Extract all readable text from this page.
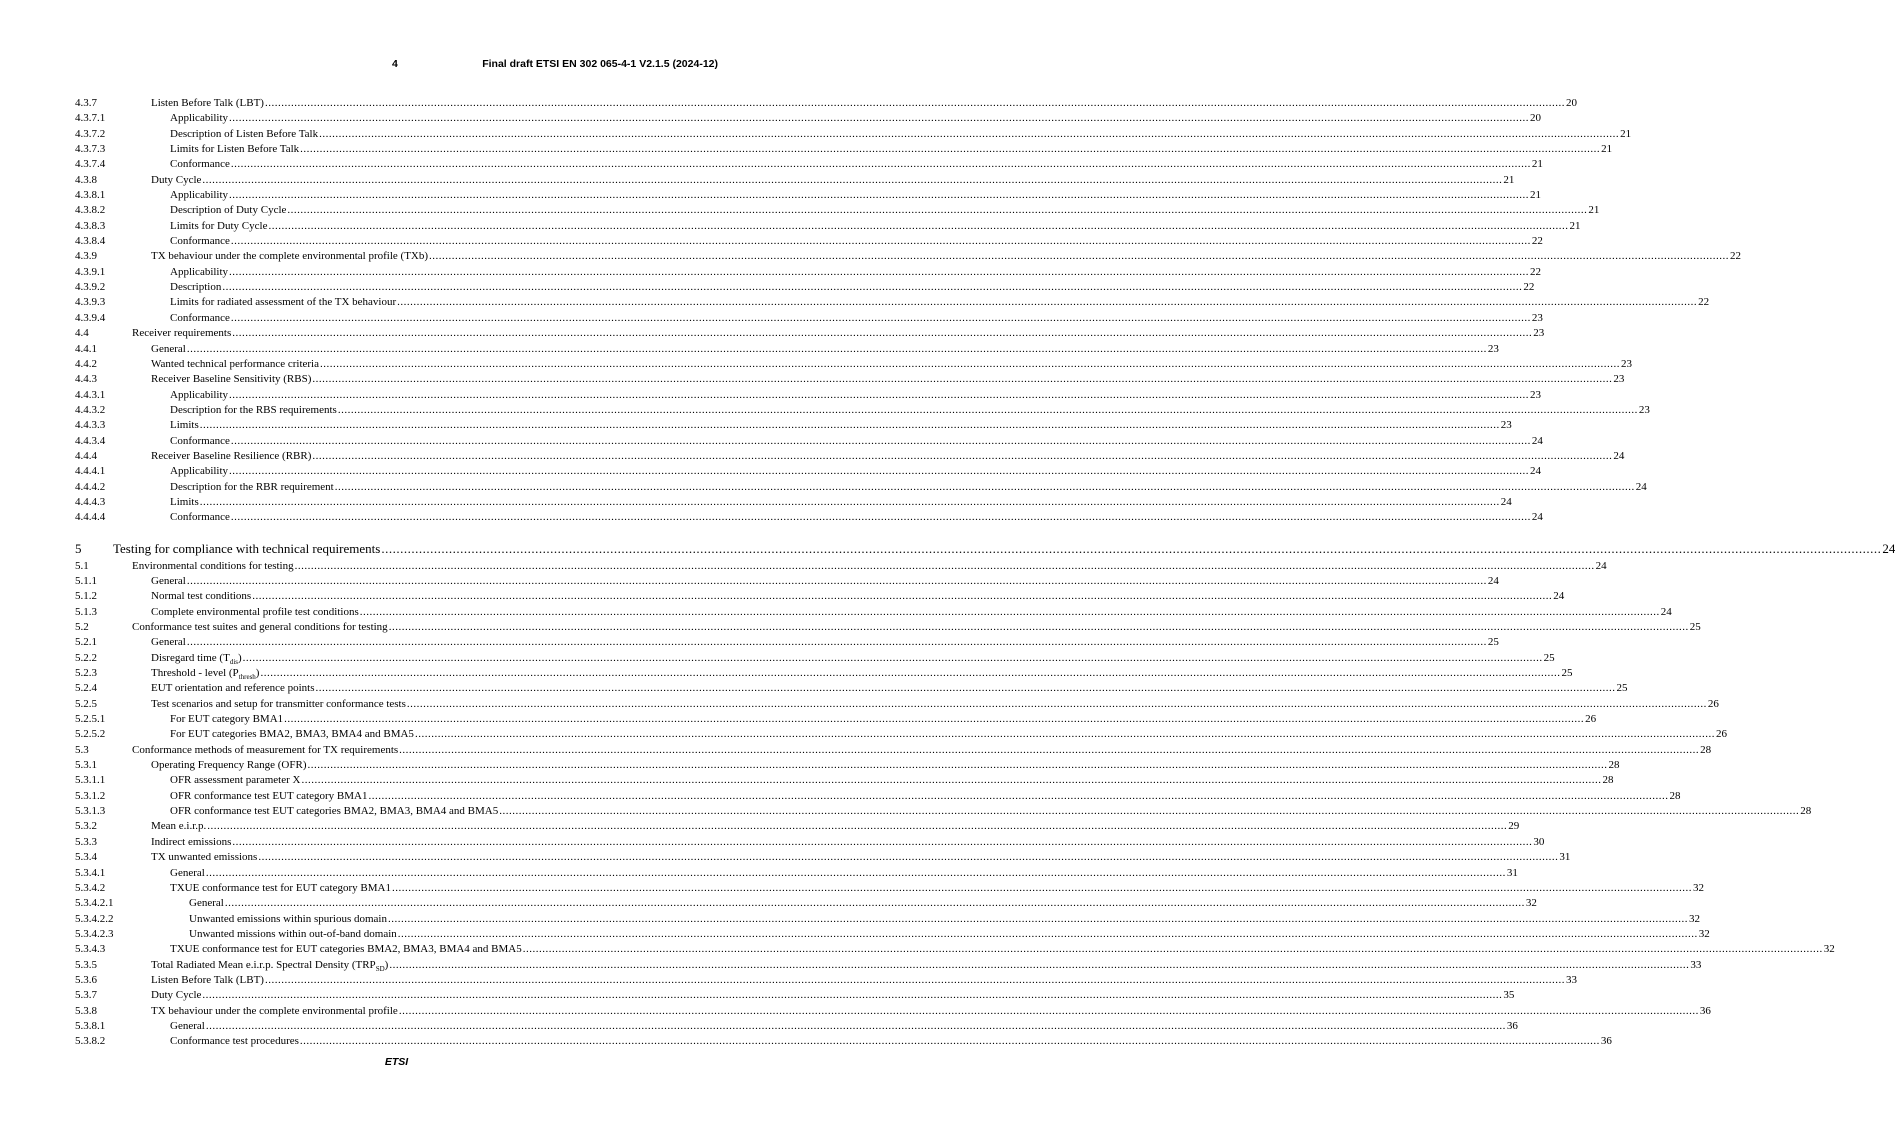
4	Final draft ETSI EN 302 065-4-1 V2.1.5 (2024-12)
4.3.7	Listen Before Talk (LBT) ................................................................................................................................................................................................................................................................................................................................................................................................................ 20
4.3.7.1	Applicability ................................................................................................................................................................................................................................................................................................................................................................................................................ 20
4.3.7.2	Description of Listen Before Talk ................................................................................................................................................................................................................................................................................................................................................................................................................ 21
4.3.7.3	Limits for Listen Before Talk ................................................................................................................................................................................................................................................................................................................................................................................................................ 21
4.3.7.4	Conformance ................................................................................................................................................................................................................................................................................................................................................................................................................ 21
4.3.8	Duty Cycle ................................................................................................................................................................................................................................................................................................................................................................................................................ 21
4.3.8.1	Applicability ................................................................................................................................................................................................................................................................................................................................................................................................................ 21
4.3.8.2	Description of Duty Cycle ................................................................................................................................................................................................................................................................................................................................................................................................................ 21
4.3.8.3	Limits for Duty Cycle ................................................................................................................................................................................................................................................................................................................................................................................................................ 21
4.3.8.4	Conformance ................................................................................................................................................................................................................................................................................................................................................................................................................ 22
4.3.9	TX behaviour under the complete environmental profile (TXb) ................................................................................................................................................................................................................................................................................................................................................................................................................ 22
4.3.9.1	Applicability ................................................................................................................................................................................................................................................................................................................................................................................................................ 22
4.3.9.2	Description ................................................................................................................................................................................................................................................................................................................................................................................................................ 22
4.3.9.3	Limits for radiated assessment of the TX behaviour ................................................................................................................................................................................................................................................................................................................................................................................................................ 22
4.3.9.4	Conformance ................................................................................................................................................................................................................................................................................................................................................................................................................ 23
4.4	Receiver requirements ................................................................................................................................................................................................................................................................................................................................................................................................................ 23
4.4.1	General ................................................................................................................................................................................................................................................................................................................................................................................................................ 23
4.4.2	Wanted technical performance criteria ................................................................................................................................................................................................................................................................................................................................................................................................................ 23
4.4.3	Receiver Baseline Sensitivity (RBS) ................................................................................................................................................................................................................................................................................................................................................................................................................ 23
4.4.3.1	Applicability ................................................................................................................................................................................................................................................................................................................................................................................................................ 23
4.4.3.2	Description for the RBS requirements ................................................................................................................................................................................................................................................................................................................................................................................................................ 23
4.4.3.3	Limits ................................................................................................................................................................................................................................................................................................................................................................................................................ 23
4.4.3.4	Conformance ................................................................................................................................................................................................................................................................................................................................................................................................................ 24
4.4.4	Receiver Baseline Resilience (RBR) ................................................................................................................................................................................................................................................................................................................................................................................................................ 24
4.4.4.1	Applicability ................................................................................................................................................................................................................................................................................................................................................................................................................ 24
4.4.4.2	Description for the RBR requirement ................................................................................................................................................................................................................................................................................................................................................................................................................ 24
4.4.4.3	Limits ................................................................................................................................................................................................................................................................................................................................................................................................................ 24
4.4.4.4	Conformance ................................................................................................................................................................................................................................................................................................................................................................................................................ 24
5 Testing for compliance with technical requirements ................................................................................................................................................................................................................................................................................................................................................................................................................ 24
5.1	Environmental conditions for testing ................................................................................................................................................................................................................................................................................................................................................................................................................ 24
5.1.1	General ................................................................................................................................................................................................................................................................................................................................................................................................................ 24
5.1.2	Normal test conditions ................................................................................................................................................................................................................................................................................................................................................................................................................ 24
5.1.3	Complete environmental profile test conditions ................................................................................................................................................................................................................................................................................................................................................................................................................ 24
5.2	Conformance test suites and general conditions for testing ................................................................................................................................................................................................................................................................................................................................................................................................................ 25
5.2.1	General ................................................................................................................................................................................................................................................................................................................................................................................................................ 25
5.2.2	Disregard time $(T_{dis})$ ................................................................................................................................................................................................................................................................................................................................................................................................................ 25
5.2.3	Threshold - level $(P_{thresh})$ ................................................................................................................................................................................................................................................................................................................................................................................................................ 25
5.2.4	EUT orientation and reference points ................................................................................................................................................................................................................................................................................................................................................................................................................ 25
5.2.5	Test scenarios and setup for transmitter conformance tests ................................................................................................................................................................................................................................................................................................................................................................................................................ 26
5.2.5.1	For EUT category BMA1 ................................................................................................................................................................................................................................................................................................................................................................................................................ 26
5.2.5.2	For EUT categories BMA2, BMA3, BMA4 and BMA5 ................................................................................................................................................................................................................................................................................................................................................................................................................ 26
5.3	Conformance methods of measurement for TX requirements ................................................................................................................................................................................................................................................................................................................................................................................................................ 28
5.3.1	Operating Frequency Range (OFR) ................................................................................................................................................................................................................................................................................................................................................................................................................ 28
5.3.1.1	OFR assessment parameter X ................................................................................................................................................................................................................................................................................................................................................................................................................ 28
5.3.1.2	OFR conformance test EUT category BMA1 ................................................................................................................................................................................................................................................................................................................................................................................................................ 28
5.3.1.3	OFR conformance test EUT categories BMA2, BMA3, BMA4 and BMA5 ................................................................................................................................................................................................................................................................................................................................................................................................................ 28
5.3.2	Mean e.i.r.p. ................................................................................................................................................................................................................................................................................................................................................................................................................ 29
5.3.3	Indirect emissions ................................................................................................................................................................................................................................................................................................................................................................................................................ 30
5.3.4	TX unwanted emissions ................................................................................................................................................................................................................................................................................................................................................................................................................ 31
5.3.4.1	General ................................................................................................................................................................................................................................................................................................................................................................................................................ 31
5.3.4.2	TXUE conformance test for EUT category BMA1 ................................................................................................................................................................................................................................................................................................................................................................................................................ 32
5.3.4.2.1	General ................................................................................................................................................................................................................................................................................................................................................................................................................ 32
5.3.4.2.2	Unwanted emissions within spurious domain ................................................................................................................................................................................................................................................................................................................................................................................................................ 32
5.3.4.2.3	Unwanted missions within out-of-band domain ................................................................................................................................................................................................................................................................................................................................................................................................................ 32
5.3.4.3	TXUE conformance test for EUT categories BMA2, BMA3, BMA4 and BMA5 ................................................................................................................................................................................................................................................................................................................................................................................................................ 32
5.3.5	Total Radiated Mean e.i.r.p. Spectral Density $(TRP_{SD})$ ................................................................................................................................................................................................................................................................................................................................................................................................................ 33
5.3.6	Listen Before Talk (LBT) ................................................................................................................................................................................................................................................................................................................................................................................................................ 33
5.3.7	Duty Cycle ................................................................................................................................................................................................................................................................................................................................................................................................................ 35
5.3.8	TX behaviour under the complete environmental profile ................................................................................................................................................................................................................................................................................................................................................................................................................ 36
5.3.8.1	General ................................................................................................................................................................................................................................................................................................................................................................................................................ 36
5.3.8.2	Conformance test procedures ................................................................................................................................................................................................................................................................................................................................................................................................................ 36
ETSI
